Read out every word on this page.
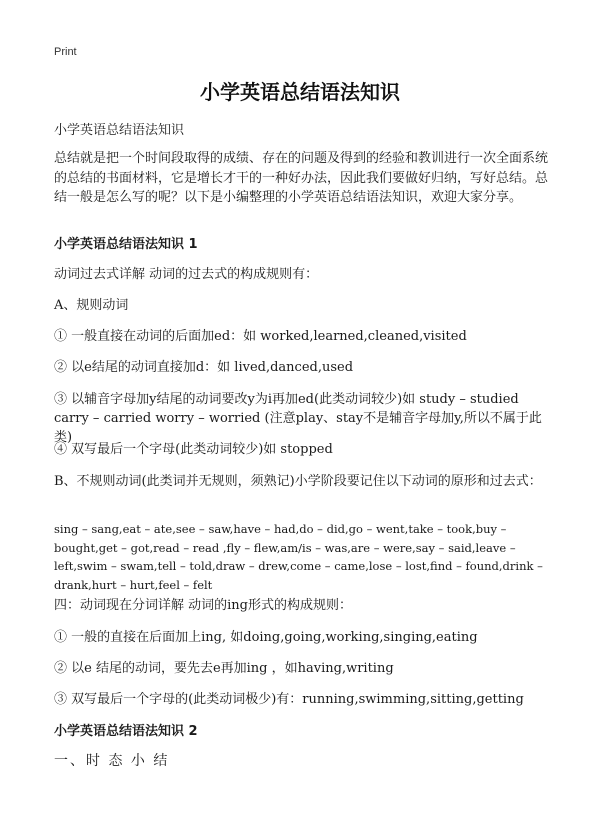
Print
小学英语总结语法知识
小学英语总结语法知识
总结就是把一个时间段取得的成绩、存在的问题及得到的经验和教训进行一次全面系统的总结的书面材料，它是增长才干的一种好办法，因此我们要做好归纳，写好总结。总结一般是怎么写的呢？以下是小编整理的小学英语总结语法知识，欢迎大家分享。
小学英语总结语法知识 1
动词过去式详解 动词的过去式的构成规则有：
A、规则动词
① 一般直接在动词的后面加ed：如 worked,learned,cleaned,visited
② 以e结尾的动词直接加d：如 lived,danced,used
③ 以辅音字母加y结尾的动词要改y为i再加ed(此类动词较少)如 study – studied carry – carried worry – worried (注意play、stay不是辅音字母加y,所以不属于此类)
④ 双写最后一个字母(此类动词较少)如 stopped
B、不规则动词(此类词并无规则，须熟记)小学阶段要记住以下动词的原形和过去式：
sing – sang,eat – ate,see – saw,have – had,do – did,go – went,take – took,buy – bought,get – got,read – read ,fly – flew,am/is – was,are – were,say – said,leave – left,swim – swam,tell – told,draw – drew,come – came,lose – lost,find – found,drink – drank,hurt – hurt,feel – felt
四：动词现在分词详解 动词的ing形式的构成规则：
① 一般的直接在后面加上ing, 如doing,going,working,singing,eating
② 以e 结尾的动词，要先去e再加ing ，如having,writing
③ 双写最后一个字母的(此类动词极少)有：running,swimming,sitting,getting
小学英语总结语法知识 2
一、时 态 小 结
